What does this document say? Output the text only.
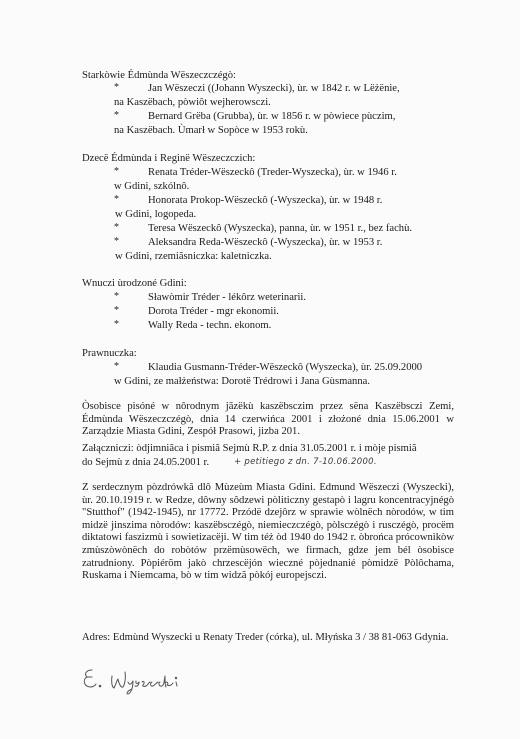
Starkòwie Édmùnda Wëszeczczégò:
*	Jan Wëszeczi ((Johann Wyszecki), ùr. w 1842 r. w Lëżënie,
na Kaszëbach, pòwiôt wejherowsczi.
*	Bernard Grëba (Grubba), ùr. w 1856 r. w pòwiece pùczim,
na Kaszëbach. Ùmarł w Sopòce w 1953 rokù.
Dzecë Édmùnda i Reginë Wëszeczczich:
*	Renata Tréder-Wëszeckô (Treder-Wyszecka), ùr. w 1946 r.
w Gdini, szkólnô.
*	Honorata Prokop-Wëszeckô (-Wyszecka), ùr. w 1948 r.
w Gdini, logopeda.
*	Teresa Wëszeckô (Wyszecka), panna, ùr. w 1951 r., bez fachù.
*	Aleksandra Reda-Wëszeckô (-Wyszecka), ùr. w 1953 r.
w Gdini, rzemiãsniczka: kaletniczka.
Wnuczi ùrodzoné Gdini:
*	Sławòmir Tréder - lékôrz weterinarii.
*	Dorota Tréder - mgr ekonomii.
*	Wally Reda - techn. ekonom.
Prawnuczka:
*	Klaudia Gusmann-Tréder-Wëszeckô (Wyszecka), ùr. 25.09.2000
w Gdini, ze małżeństwa: Dorotë Trédrowi i Jana Gùsmanna.
Òsobisce pisóné w nôrodnym jãzëkù kaszëbsczim przez sëna Kaszëbsczi Zemi, Édmùnda Wëszeczczégò, dnia 14 czerwińca 2001 i złożoné dnia 15.06.2001 w Zarządzie Miasta Gdini, Zespół Prasowi, jizba 201.
Załączniczi: òdjimniãca i pismiã Sejmù R.P. z dnia 31.05.2001 r. i mòje pismiã
do Sejmù z dnia 24.05.2001 r.	+ petitiego z dn. 7-10.06.2000.
Z serdecznym pòzdrówkã dlô Mùzeùm Miasta Gdini. Edmund Wëszeczi (Wyszecki), ùr. 20.10.1919 r. w Redze, dôwny sôdzewi pòliticzny gestapò i lagru koncentracyjnégò "Stutthof" (1942-1945), nr 17772. Przódë dzejôrz w sprawie wòlnëch nòrodów, w tim midzë jinszima nòrodów: kaszëbsczégò, niemieczczégò, pòlsczégò i rusczégò, procëm diktatowi faszizmù i sowietizacëji. W tim téż òd 1940 do 1942 r. òbrońca prócownikòw zmùszòwònëch do robòtów przëmùsowëch, we firmach, gdze jem bél òsobisce zatrudniony. Pòpiérõm jakò chrzescëjón wieczné pòjednanié pòmidzë Pòlôchama, Ruskama i Niemcama, bò w tim widzã pòkój europejsczi.
Adres: Edmùnd Wyszecki u Renaty Treder (córka), ul. Młyńska 3 / 38 81-063 Gdynia.
